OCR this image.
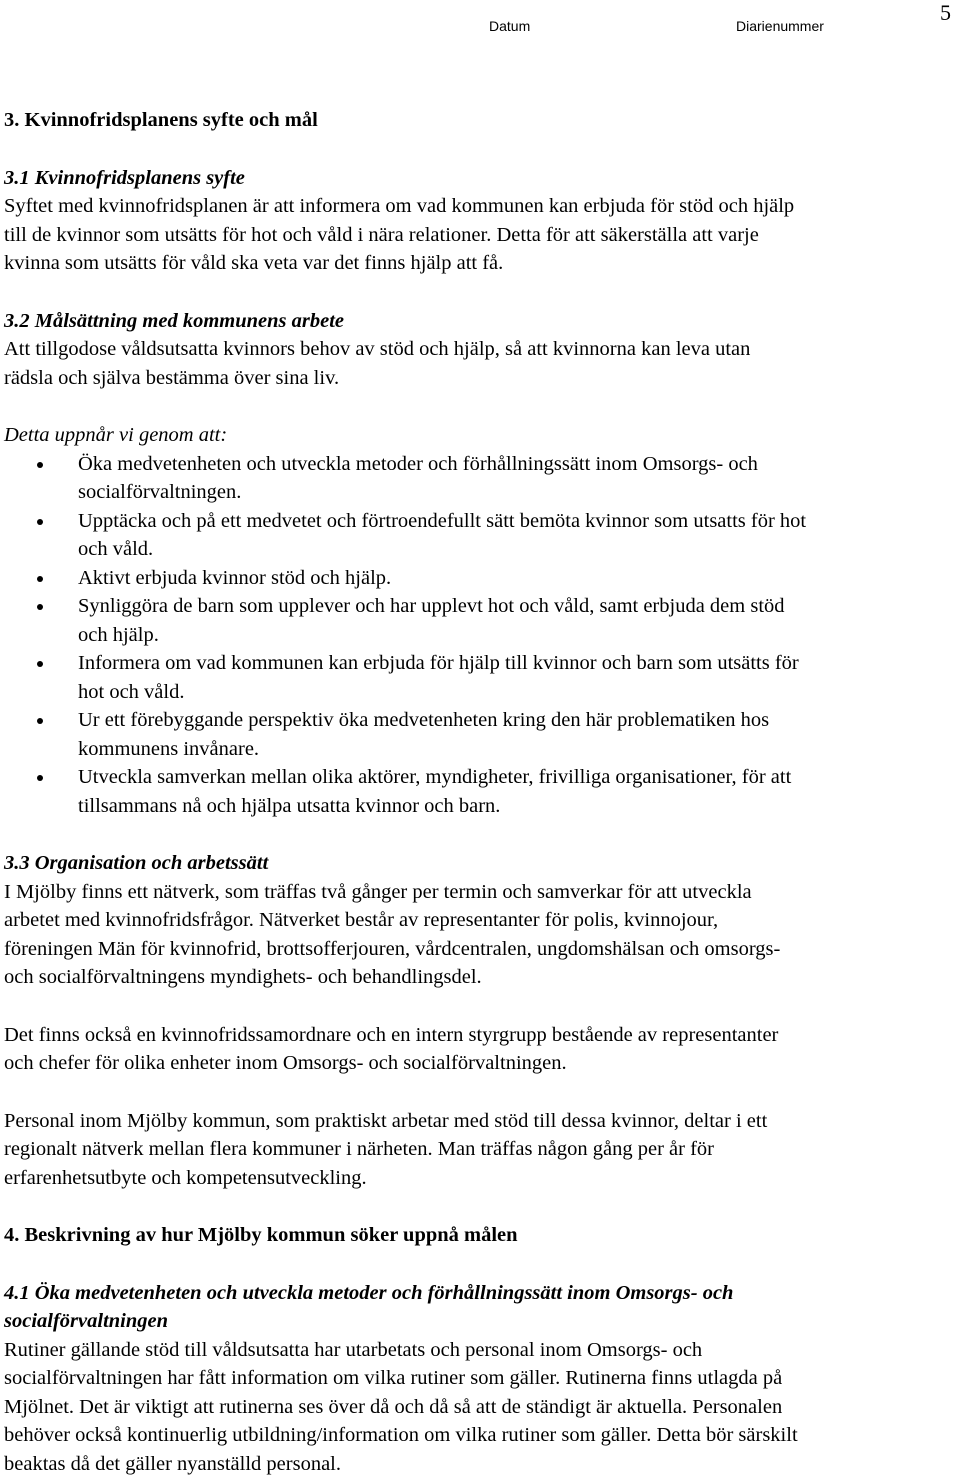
5
Datum	Diarienummer

3. Kvinnofridsplanens syfte och mål

3.1 Kvinnofridsplanens syfte

Syftet med kvinnofridsplanen är att informera om vad kommunen kan erbjuda för stöd och hjälp

till de kvinnor som utsätts för hot och våld i nära relationer. Detta för att säkerställa att varje

kvinna som utsätts för våld ska veta var det finns hjälp att få.

3.2 Målsättning med kommunens arbete

Att tillgodose våldsutsatta kvinnors behov av stöd och hjälp, så att kvinnorna kan leva utan

rädsla och själva bestämma över sina liv.

Detta uppnår vi genom att:

Öka medvetenheten och utveckla metoder och förhållningssätt inom Omsorgs- och
socialförvaltningen.
Upptäcka och på ett medvetet och förtroendefullt sätt bemöta kvinnor som utsatts för hot
och våld.
Aktivt erbjuda kvinnor stöd och hjälp.
Synliggöra de barn som upplever och har upplevt hot och våld, samt erbjuda dem stöd
och hjälp.
Informera om vad kommunen kan erbjuda för hjälp till kvinnor och barn som utsätts för
hot och våld.
Ur ett förebyggande perspektiv öka medvetenheten kring den här problematiken hos
kommunens invånare.
Utveckla samverkan mellan olika aktörer, myndigheter, frivilliga organisationer, för att
tillsammans nå och hjälpa utsatta kvinnor och barn.

3.3 Organisation och arbetssätt

I Mjölby finns ett nätverk, som träffas två gånger per termin och samverkar för att utveckla

arbetet med kvinnofridsfrågor. Nätverket består av representanter för polis, kvinnojour,

föreningen Män för kvinnofrid, brottsofferjouren, vårdcentralen, ungdomshälsan och omsorgs-

och socialförvaltningens myndighets- och behandlingsdel.

Det finns också en kvinnofridssamordnare och en intern styrgrupp bestående av representanter

och chefer för olika enheter inom Omsorgs- och socialförvaltningen.

Personal inom Mjölby kommun, som praktiskt arbetar med stöd till dessa kvinnor, deltar i ett

regionalt nätverk mellan flera kommuner i närheten. Man träffas någon gång per år för

erfarenhetsutbyte och kompetensutveckling.

4. Beskrivning av hur Mjölby kommun söker uppnå målen

4.1 Öka medvetenheten och utveckla metoder och förhållningssätt inom Omsorgs- och

socialförvaltningen

Rutiner gällande stöd till våldsutsatta har utarbetats och personal inom Omsorgs- och

socialförvaltningen har fått information om vilka rutiner som gäller. Rutinerna finns utlagda på

Mjölnet. Det är viktigt att rutinerna ses över då och då så att de ständigt är aktuella. Personalen

behöver också kontinuerlig utbildning/information om vilka rutiner som gäller. Detta bör särskilt

beaktas då det gäller nyanställd personal.
